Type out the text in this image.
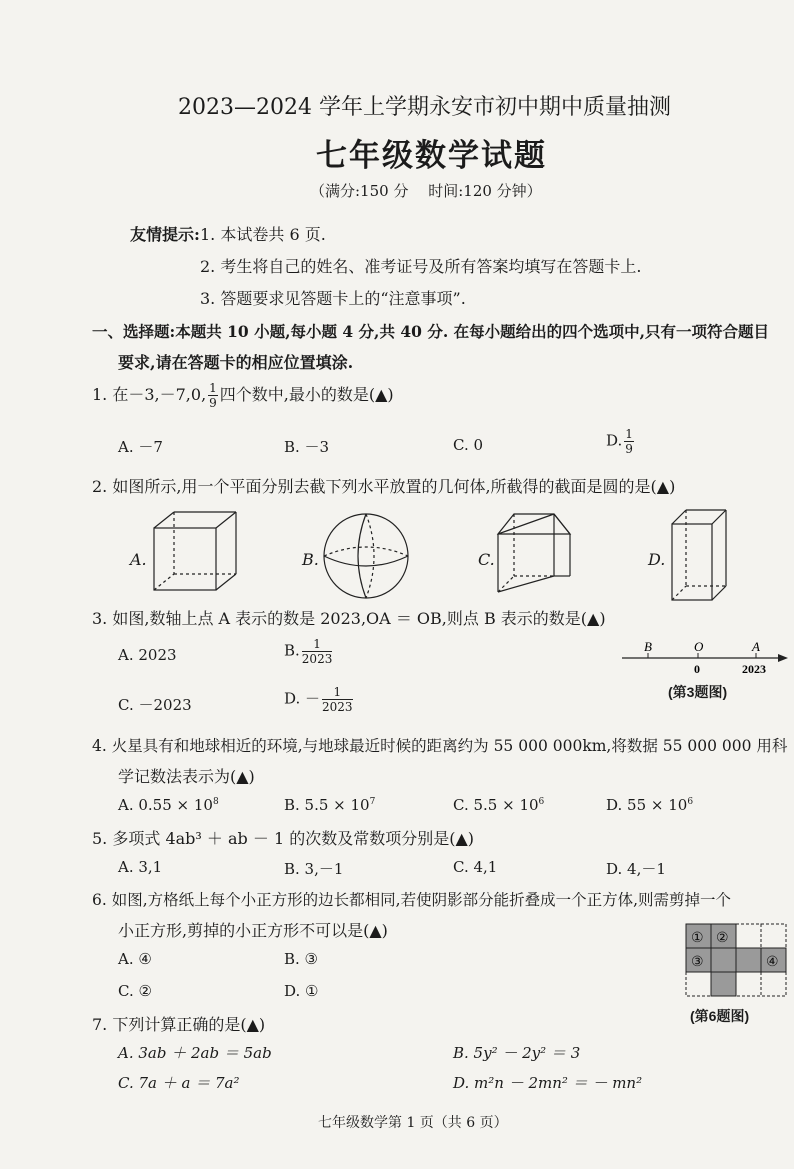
2023—2024 学年上学期永安市初中期中质量抽测
七年级数学试题
（满分:150 分　 时间:120 分钟）
友情提示: 1. 本试卷共 6 页.
2. 考生将自己的姓名、准考证号及所有答案均填写在答题卡上.
3. 答题要求见答题卡上的“注意事项”.
一、选择题:本题共 10 小题,每小题 4 分,共 40 分. 在每小题给出的四个选项中,只有一项符合题目
要求,请在答题卡的相应位置填涂.
1. 在－3,－7,0, $\frac{1}{9}$ 四个数中,最小的数是(▲)
A. －7	B. －3	C. 0	D. $\frac{1}{9}$
2. 如图所示,用一个平面分别去截下列水平放置的几何体,所截得的截面是圆的是(▲)
A.	B.	C.	D.
3. 如图,数轴上点 A 表示的数是 2023,OA ＝ OB,则点 B 表示的数是(▲)
A. 2023	B. $\frac{1}{2023}$
C. －2023	D. － $\frac{1}{2023}$
B	O	A
0	2023
(第3题图)
4. 火星具有和地球相近的环境,与地球最近时候的距离约为 55 000 000km,将数据 55 000 000 用科
学记数法表示为(▲)
A. $0.55 \times 10^8$	B. $5.5 \times 10^7$	C. $5.5 \times 10^6$	D. $55 \times 10^6$
5. 多项式 4ab³ ＋ ab － 1 的次数及常数项分别是(▲)
A. 3,1	B. 3,－1	C. 4,1	D. 4,－1
6. 如图,方格纸上每个小正方形的边长都相同,若使阴影部分能折叠成一个正方体,则需剪掉一个
小正方形,剪掉的小正方形不可以是(▲)
A. ④	B. ③
C. ②	D. ①
① ②
③	④
(第6题图)
7. 下列计算正确的是(▲)
A. 3ab ＋ 2ab ＝ 5ab	B. 5y² － 2y² ＝ 3
C. 7a ＋ a ＝ 7a²	D. m²n － 2mn² ＝ － mn²
七年级数学第 1 页（共 6 页）
